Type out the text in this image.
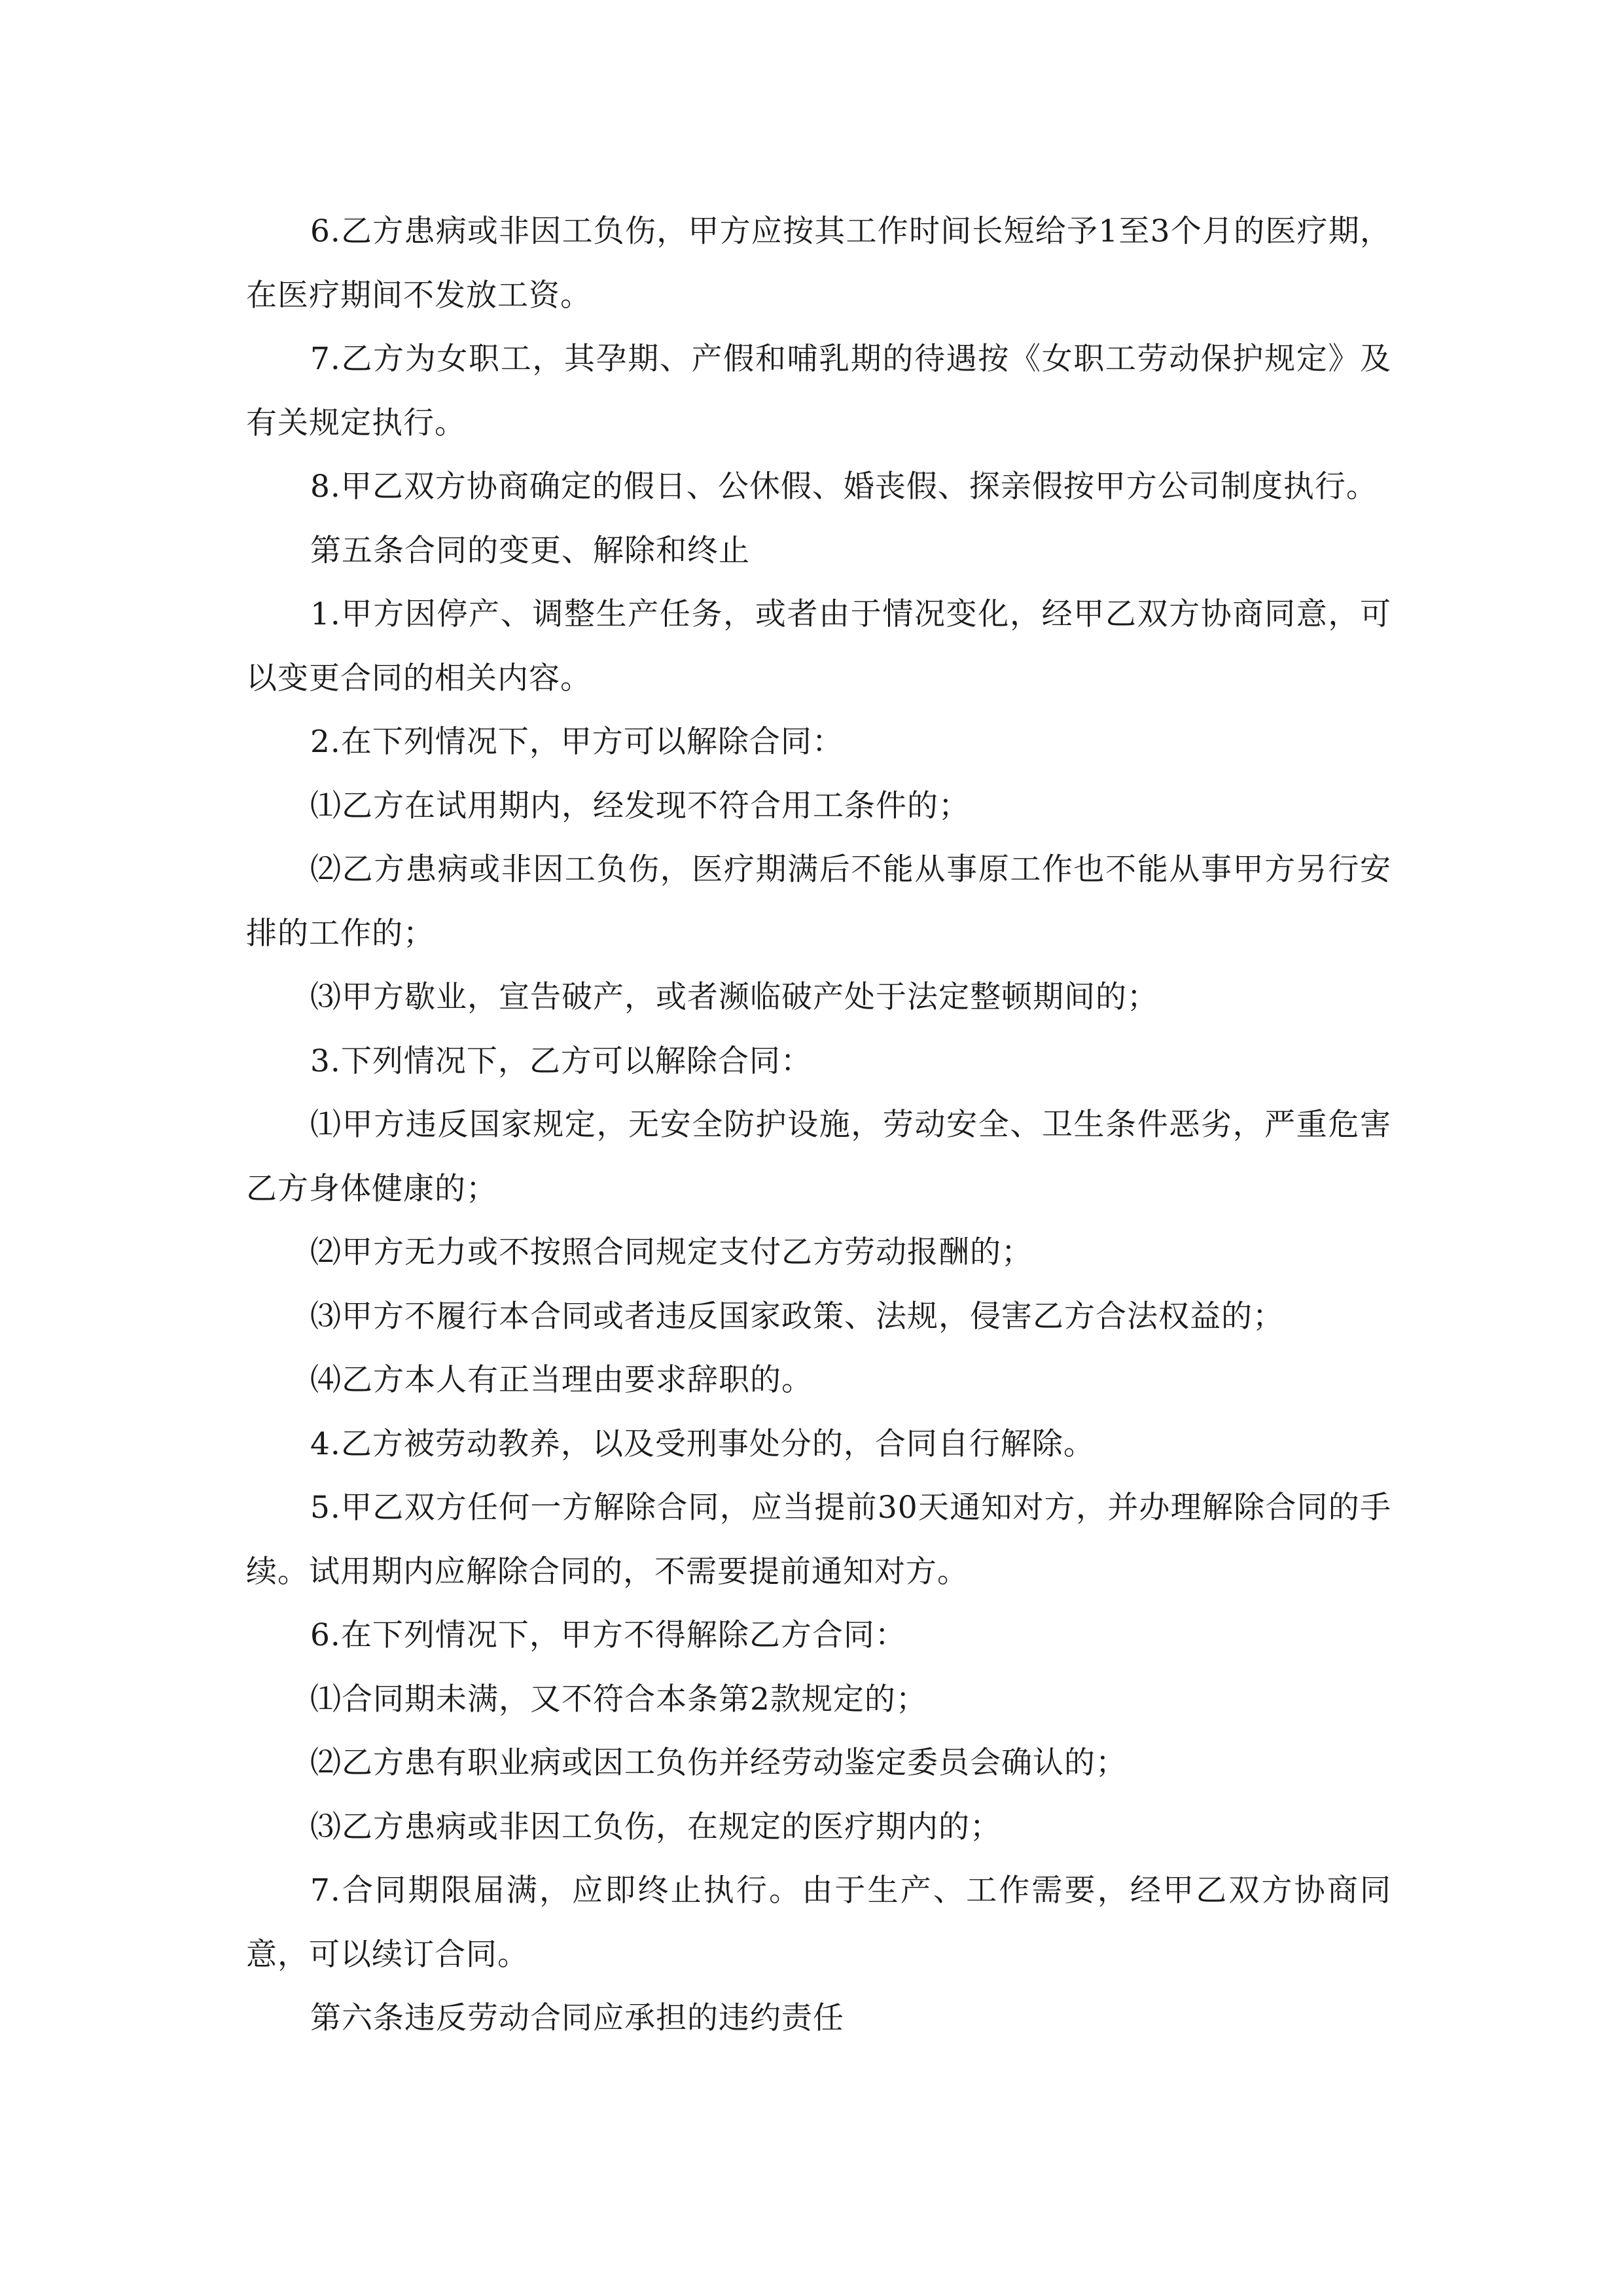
6.乙方患病或非因工负伤，甲方应按其工作时间长短给予1至3个月的医疗期，在医疗期间不发放工资。

7.乙方为女职工，其孕期、产假和哺乳期的待遇按《女职工劳动保护规定》及有关规定执行。

8.甲乙双方协商确定的假日、公休假、婚丧假、探亲假按甲方公司制度执行。

第五条合同的变更、解除和终止

1.甲方因停产、调整生产任务，或者由于情况变化，经甲乙双方协商同意，可以变更合同的相关内容。

2.在下列情况下，甲方可以解除合同：

⑴乙方在试用期内，经发现不符合用工条件的；

⑵乙方患病或非因工负伤，医疗期满后不能从事原工作也不能从事甲方另行安排的工作的；

⑶甲方歇业，宣告破产，或者濒临破产处于法定整顿期间的；

3.下列情况下，乙方可以解除合同：

⑴甲方违反国家规定，无安全防护设施，劳动安全、卫生条件恶劣，严重危害乙方身体健康的；

⑵甲方无力或不按照合同规定支付乙方劳动报酬的；

⑶甲方不履行本合同或者违反国家政策、法规，侵害乙方合法权益的；

⑷乙方本人有正当理由要求辞职的。

4.乙方被劳动教养，以及受刑事处分的，合同自行解除。

5.甲乙双方任何一方解除合同，应当提前30天通知对方，并办理解除合同的手续。试用期内应解除合同的，不需要提前通知对方。

6.在下列情况下，甲方不得解除乙方合同：

⑴合同期未满，又不符合本条第2款规定的；

⑵乙方患有职业病或因工负伤并经劳动鉴定委员会确认的；

⑶乙方患病或非因工负伤，在规定的医疗期内的；

7.合同期限届满，应即终止执行。由于生产、工作需要，经甲乙双方协商同意，可以续订合同。

第六条违反劳动合同应承担的违约责任
